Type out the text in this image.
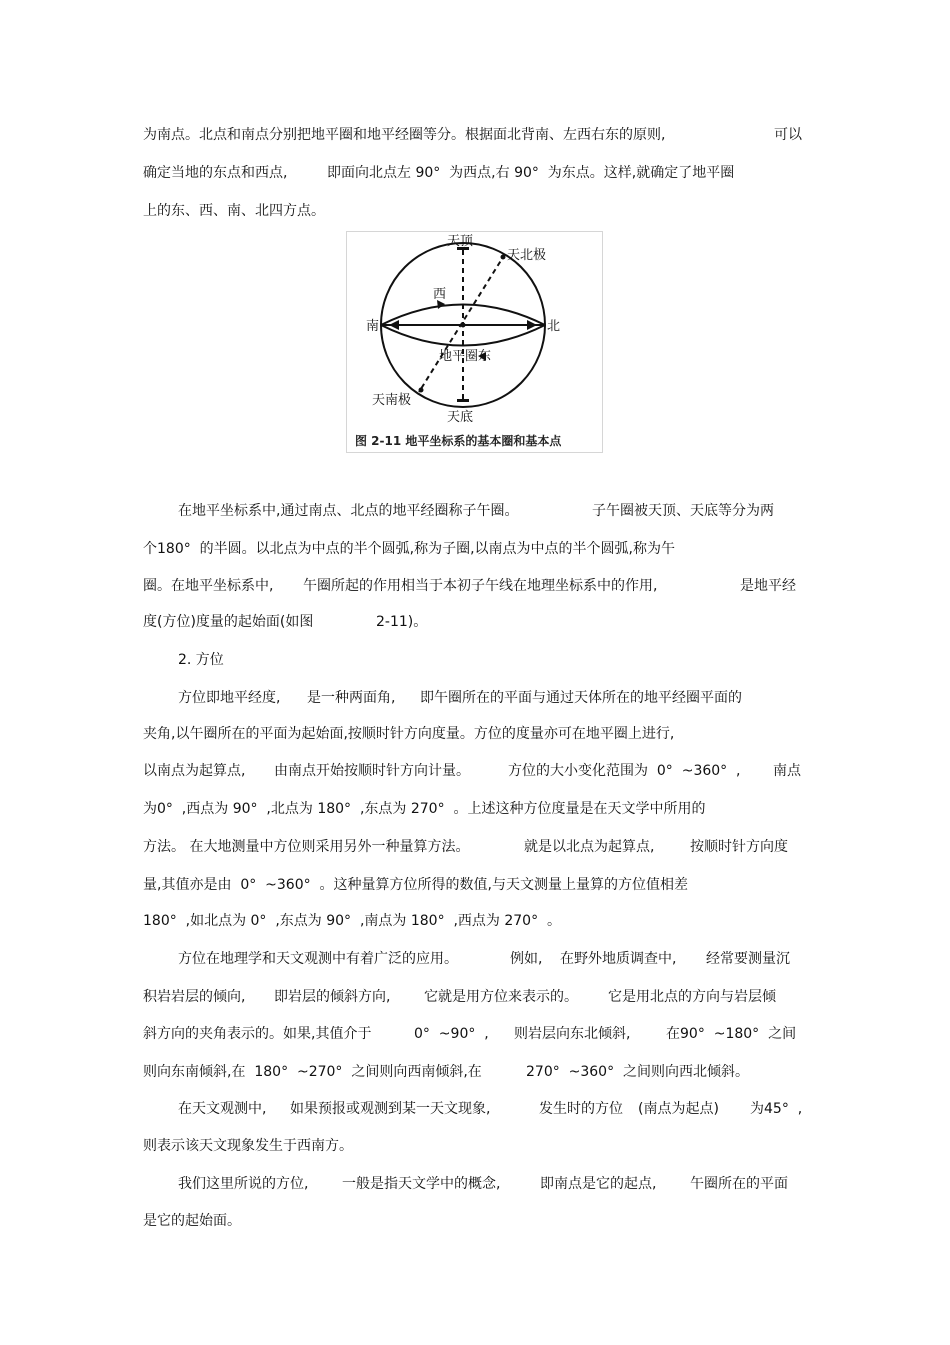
为南点。北点和南点分别把地平圈和地平经圈等分。根据面北背南、左西右东的原则,	可以
确定当地的东点和西点,	即面向北点左 90°  为西点,右 90°  为东点。这样,就确定了地平圈
上的东、西、南、北四方点。
天顶
天北极
西
南	北
地平圈东
天南极
天底
图 2-11 地平坐标系的基本圈和基本点
在地平坐标系中,通过南点、北点的地平经圈称子午圈。	子午圈被天顶、天底等分为两
个180°  的半圆。以北点为中点的半个圆弧,称为子圈,以南点为中点的半个圆弧,称为午
圈。在地平坐标系中, 午圈所起的作用相当于本初子午线在地理坐标系中的作用,	是地平经
度(方位)度量的起始面(如图	2-11)。
2. 方位
方位即地平经度, 是一种两面角, 即午圈所在的平面与通过天体所在的地平经圈平面的
夹角,以午圈所在的平面为起始面,按顺时针方向度量。方位的度量亦可在地平圈上进行,
以南点为起算点, 由南点开始按顺时针方向计量。	方位的大小变化范围为  0°  ~360°  , 南点
为0°  ,西点为 90°  ,北点为 180°  ,东点为 270°  。上述这种方位度量是在天文学中所用的
方法。 在大地测量中方位则采用另外一种量算方法。	就是以北点为起算点,	按顺时针方向度
量,其值亦是由  0°  ~360°  。这种量算方位所得的数值,与天文测量上量算的方位值相差
180°  ,如北点为 0°  ,东点为 90°  ,南点为 180°  ,西点为 270°  。
方位在地理学和天文观测中有着广泛的应用。	例如, 在野外地质调查中, 经常要测量沉
积岩岩层的倾向, 即岩层的倾斜方向, 它就是用方位来表示的。 它是用北点的方向与岩层倾
斜方向的夹角表示的。如果,其值介于	0°  ~90°  , 则岩层向东北倾斜,	在90°  ~180°  之间
则向东南倾斜,在  180°  ~270°  之间则向西南倾斜,在	270°  ~360°  之间则向西北倾斜。
在天文观测中, 如果预报或观测到某一天文现象,	发生时的方位 (南点为起点) 为45°  ,
则表示该天文现象发生于西南方。
我们这里所说的方位, 一般是指天文学中的概念,	即南点是它的起点, 午圈所在的平面
是它的起始面。
